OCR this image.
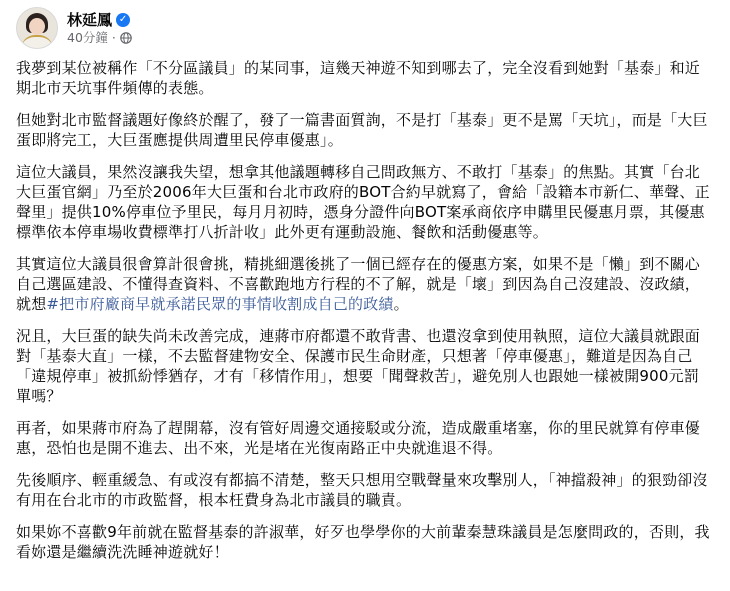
林延鳳 ✓
40分鐘 ·

我夢到某位被稱作「不分區議員」的某同事，這幾天神遊不知到哪去了，完全沒看到她對「基泰」和近期北市天坑事件頻傳的表態。

但她對北市監督議題好像終於醒了，發了一篇書面質詢，不是打「基泰」更不是罵「天坑」，而是「大巨蛋即將完工，大巨蛋應提供周遭里民停車優惠」。

這位大議員，果然沒讓我失望，想拿其他議題轉移自己問政無方、不敢打「基泰」的焦點。其實「台北大巨蛋官網」乃至於2006年大巨蛋和台北市政府的BOT合約早就寫了，會給「設籍本市新仁、華聲、正聲里」提供10%停車位予里民，每月月初時，憑身分證件向BOT案承商依序申購里民優惠月票，其優惠標準依本停車場收費標準打八折計收」此外更有運動設施、餐飲和活動優惠等。

其實這位大議員很會算計很會挑，精挑細選後挑了一個已經存在的優惠方案，如果不是「懶」到不關心自己選區建設、不懂得查資料、不喜歡跑地方行程的不了解，就是「壞」到因為自己沒建設、沒政績，就想#把市府廠商早就承諾民眾的事情收割成自己的政績。

況且，大巨蛋的缺失尚未改善完成，連蔣市府都還不敢背書、也還沒拿到使用執照，這位大議員就跟面對「基泰大直」一樣，不去監督建物安全、保護市民生命財產，只想著「停車優惠」，難道是因為自己「違規停車」被抓紛悸猶存，才有「移情作用」，想要「聞聲救苦」，避免別人也跟她一樣被開900元罰單嗎？

再者，如果蔣市府為了趕開幕，沒有管好周邊交通接駁或分流，造成嚴重堵塞，你的里民就算有停車優惠，恐怕也是開不進去、出不來，光是堵在光復南路正中央就進退不得。

先後順序、輕重緩急、有或沒有都搞不清楚，整天只想用空戰聲量來攻擊別人，「神擋殺神」的狠勁卻沒有用在台北市的市政監督，根本枉費身為北市議員的職責。

如果妳不喜歡9年前就在監督基泰的許淑華，好歹也學學你的大前輩秦慧珠議員是怎麼問政的，否則，我看妳還是繼續洗洗睡神遊就好！
